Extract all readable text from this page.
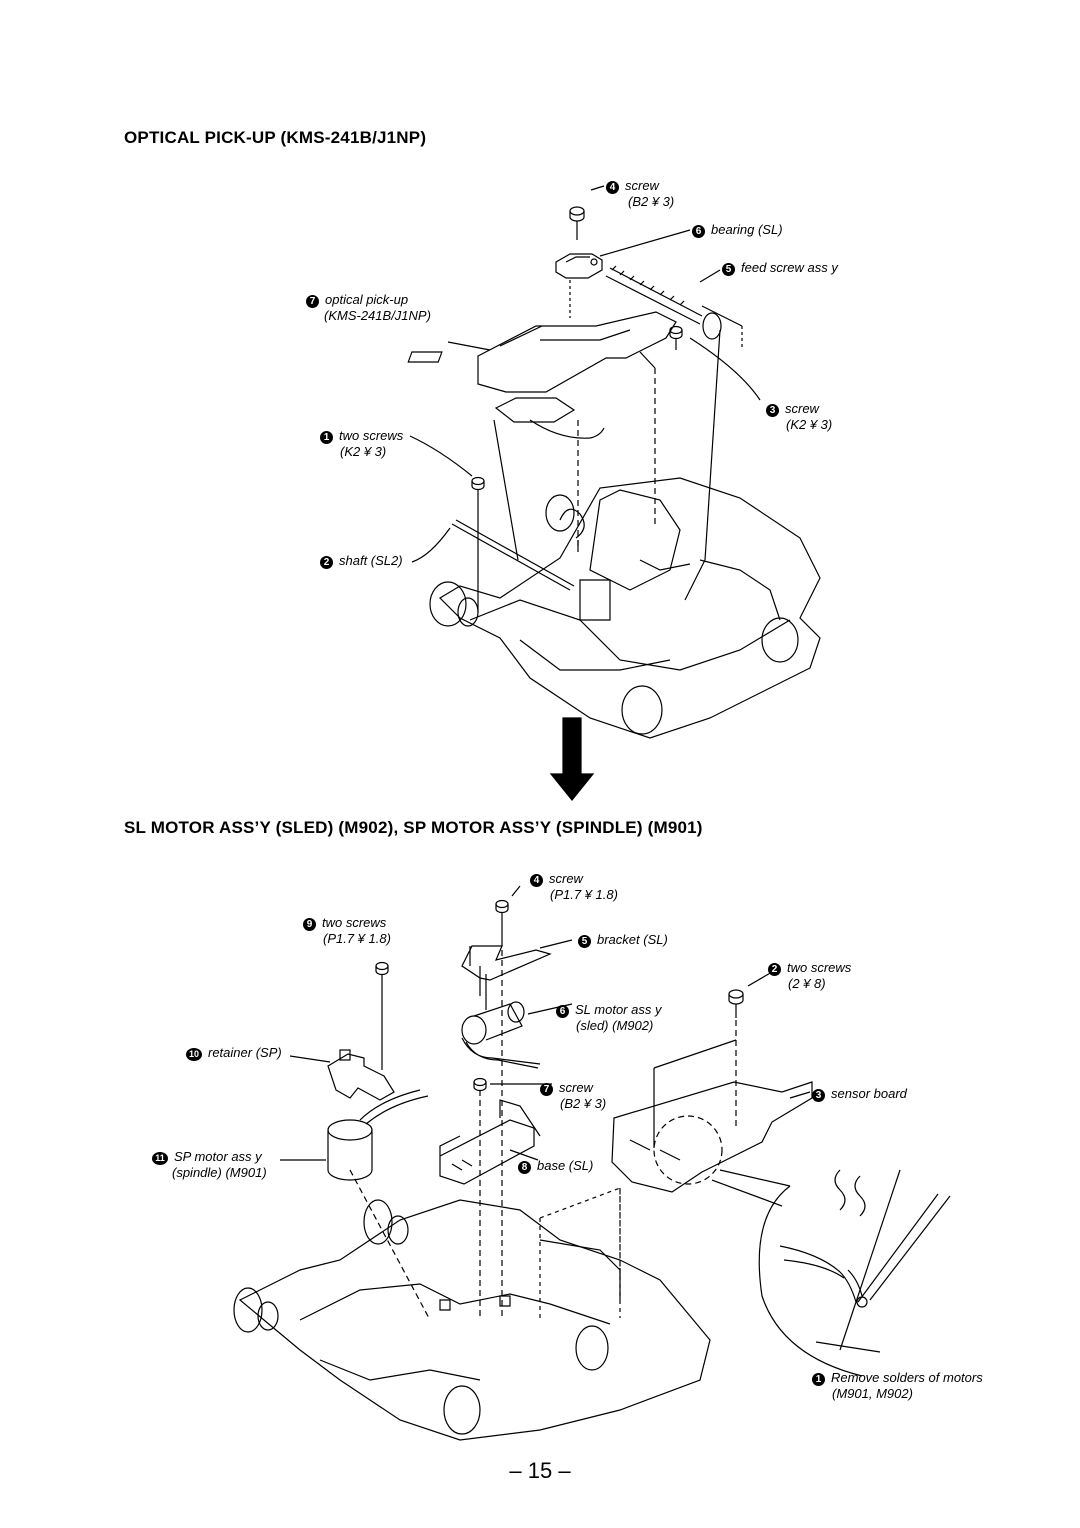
OPTICAL PICK-UP (KMS-241B/J1NP)
SL MOTOR ASS’Y (SLED) (M902), SP MOTOR ASS’Y (SPINDLE) (M901)
4 screw
(B2 ¥ 3)
6 bearing (SL)
5 feed screw ass y
7 optical pick-up
(KMS-241B/J1NP)
3 screw
(K2 ¥ 3)
1 two screws
(K2 ¥ 3)
2 shaft (SL2)
4 screw
(P1.7 ¥ 1.8)
9 two screws
(P1.7 ¥ 1.8)	5 bracket (SL)
2 two screws
(2 ¥ 8)
6 SL motor ass y
(sled) (M902)
10 retainer (SP)
7 screw
(B2 ¥ 3)
3 sensor board
11 SP motor ass y
(spindle) (M901)	8 base (SL)
1 Remove solders of motors
(M901, M902)
– 15 –
